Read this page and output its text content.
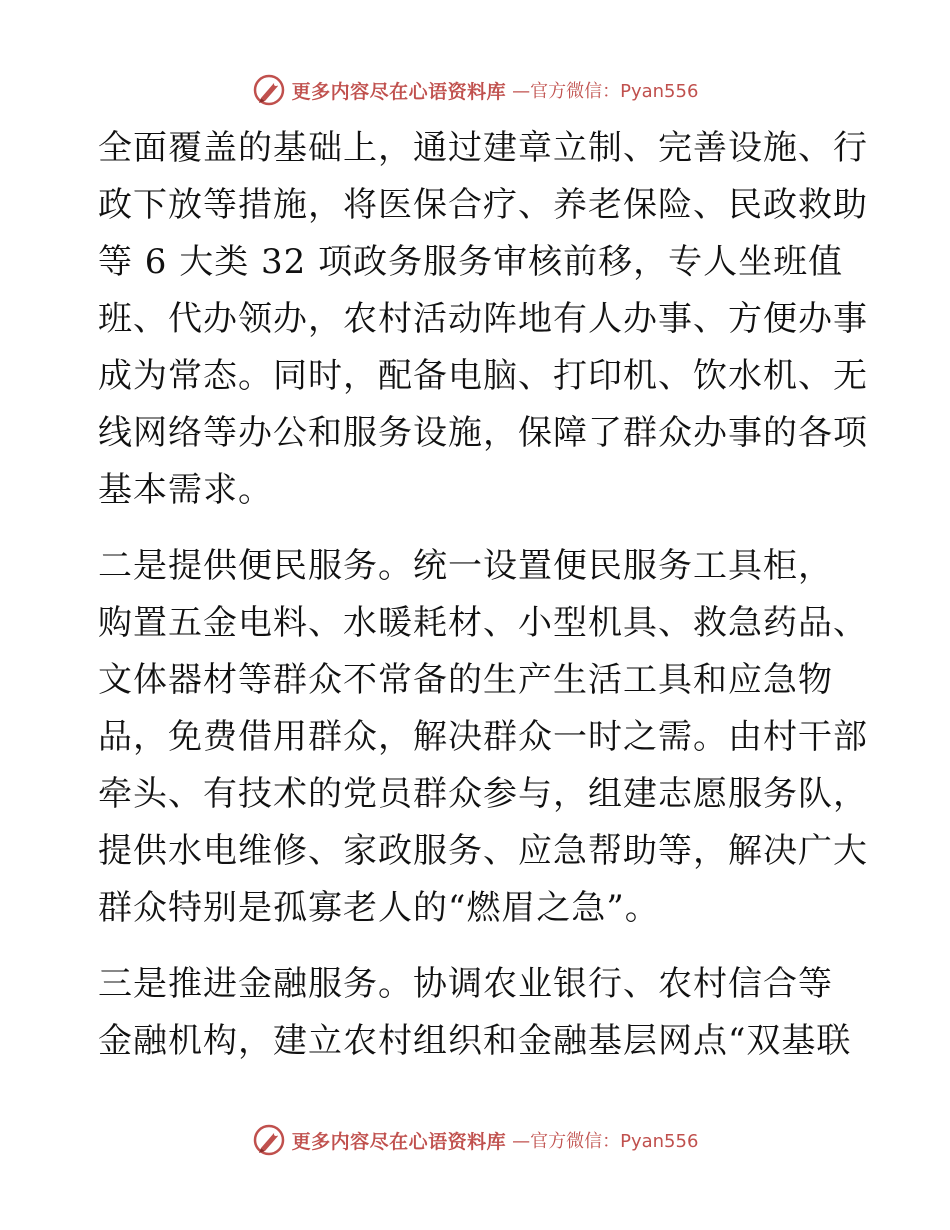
更多内容尽在心语资料库 —官方微信：Pyan556
全面覆盖的基础上，通过建章立制、完善设施、行
政下放等措施，将医保合疗、养老保险、民政救助
等 6 大类 32 项政务服务审核前移，专人坐班值
班、代办领办，农村活动阵地有人办事、方便办事
成为常态。同时，配备电脑、打印机、饮水机、无
线网络等办公和服务设施，保障了群众办事的各项
基本需求。
二是提供便民服务。统一设置便民服务工具柜，
购置五金电料、水暖耗材、小型机具、救急药品、
文体器材等群众不常备的生产生活工具和应急物
品，免费借用群众，解决群众一时之需。由村干部
牵头、有技术的党员群众参与，组建志愿服务队，
提供水电维修、家政服务、应急帮助等，解决广大
群众特别是孤寡老人的“燃眉之急”。
三是推进金融服务。协调农业银行、农村信合等
金融机构，建立农村组织和金融基层网点“双基联
更多内容尽在心语资料库 —官方微信：Pyan556
